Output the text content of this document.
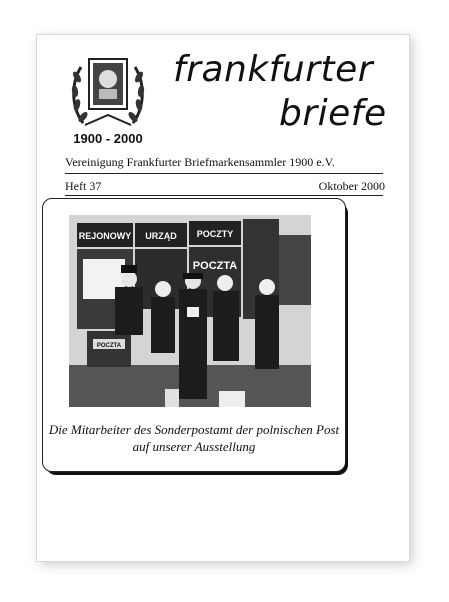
1900 - 2000
frankfurter
briefe
Vereinigung Frankfurter Briefmarkensammler 1900 e.V.
Heft 37	Oktober 2000
REJONOWY URZĄD POCZTY
POCZTA
POCZTA
Die Mitarbeiter des Sonderpostamt der polnischen Post
auf unserer Ausstellung
